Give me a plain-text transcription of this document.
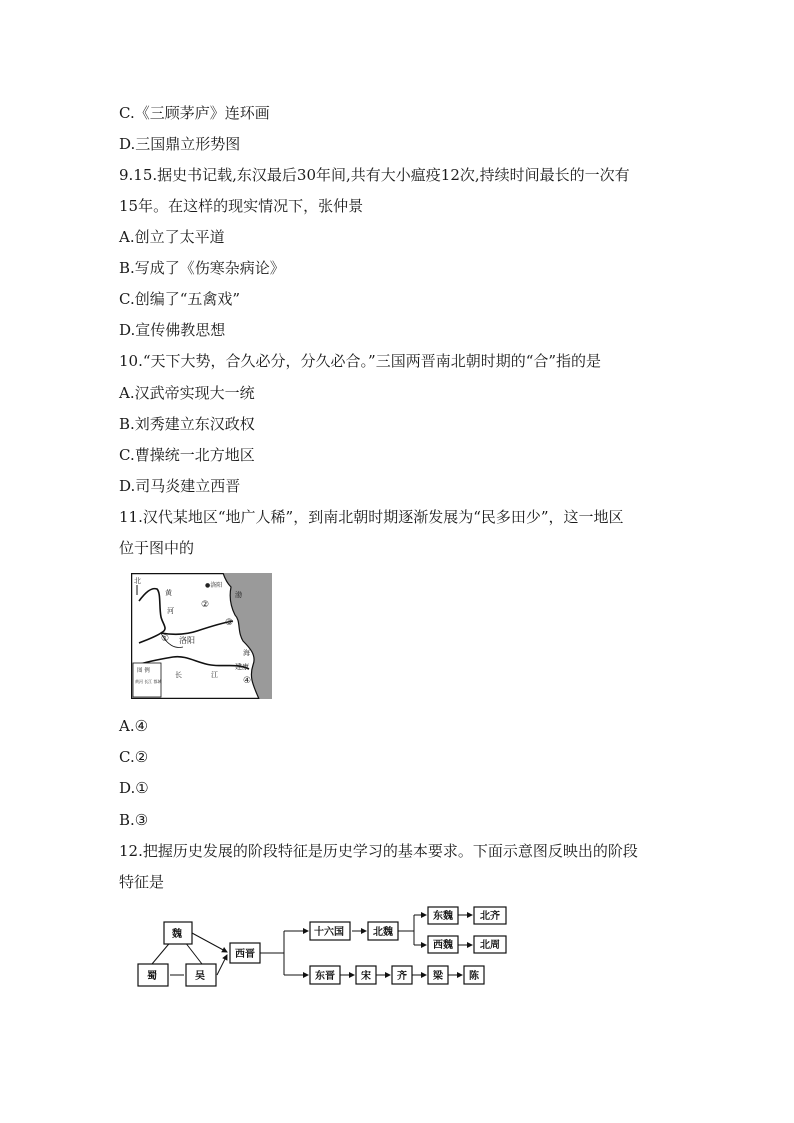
C.《三顾茅庐》连环画
D.三国鼎立形势图
9.15.据史书记载,东汉最后30年间,共有大小瘟疫12次,持续时间最长的一次有
15年。在这样的现实情况下，张仲景
A.创立了太平道
B.写成了《伤寒杂病论》
C.创编了“五禽戏”
D.宣传佛教思想
10.“天下大势，合久必分，分久必合。”三国两晋南北朝时期的“合”指的是
A.汉武帝实现大一统
B.刘秀建立东汉政权
C.曹操统一北方地区
D.司马炎建立西晋
11.汉代某地区“地广人稀”，到南北朝时期逐渐发展为“民多田少”，这一地区
位于图中的
北
●洛阳
黄
河
洛阳
建康
长	江
渤
海
①
②
③
④
图 例
黄河 长江 都城
A.④
C.②
D.①
B.③
12.把握历史发展的阶段特征是历史学习的基本要求。下面示意图反映出的阶段
特征是
魏
蜀	吴
西晋
十六国	北魏
东魏	北齐
西魏	北周
东晋	宋	齐	梁	陈
